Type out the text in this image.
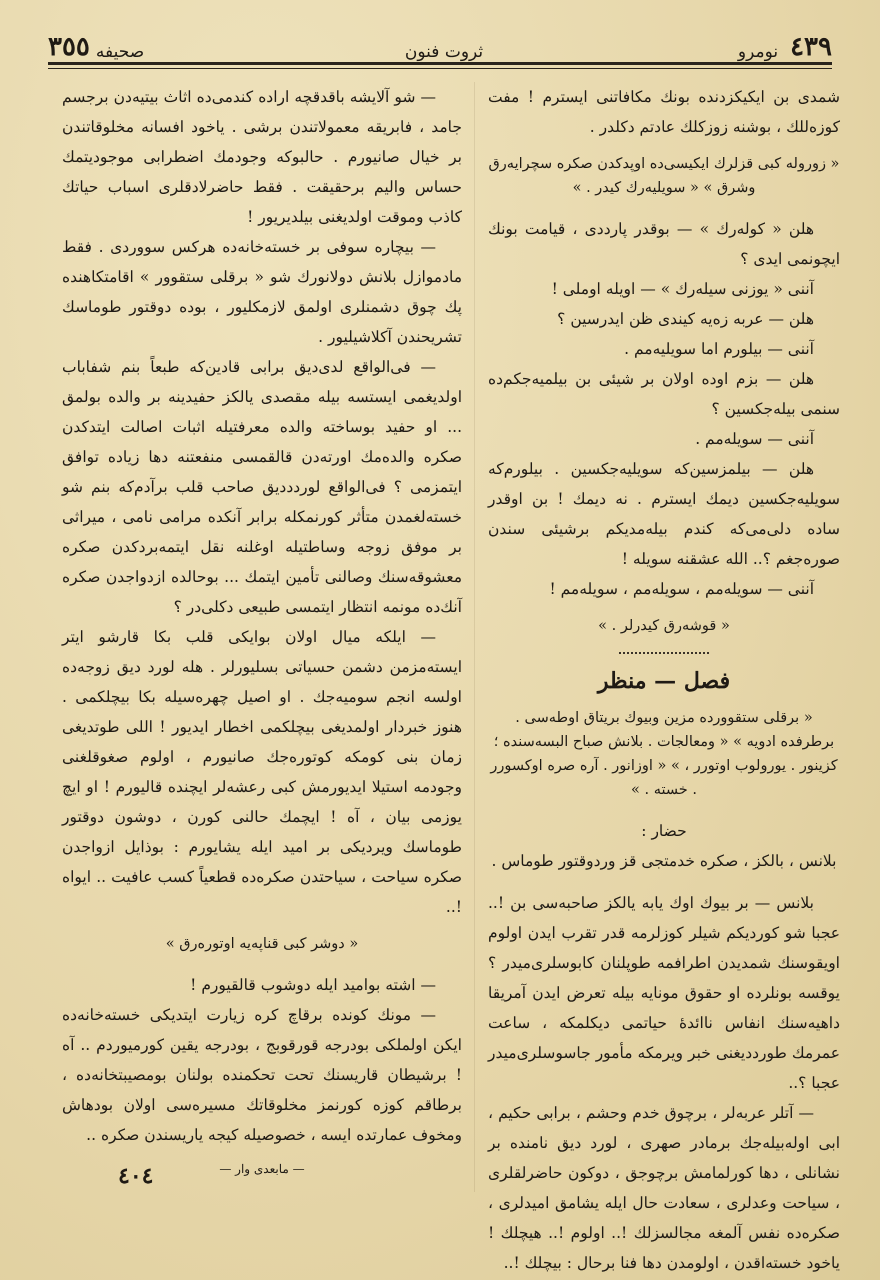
٤٣٩
نومرو
ثروت فنون
صحيفه
٣٥٥

شمدی بن ایکیکزدنده بونك مكافاتنی ایسترم ! مفت كوزه‌للك ، بوشنه زوزكلك عادتم دكلدر .

« زوروله كبی قزلرك ایكیسی‌ده اوپدكدن صكره سچرایه‌رق وشرق » « سویلیه‌رك كیدر . »

هلن « كوله‌رك » — بوقدر پارددی ، قیامت بونك ایچونمی ایدی ؟

آننی « یوزنی سیله‌رك » — اویله اوملی !

هلن — عربه زه‌یه كیندی ظن ایدرسین ؟

آننی — بیلورم اما سویلیه‌مم .

هلن — بزم اوده اولان بر شیئی بن بیلمیه‌جكم‌ده سنمی بیله‌جكسین ؟

آننی — سویله‌مم .

هلن — بیلمزسین‌كه سویلیه‌جكسین . بیلورم‌كه سویلیه‌جكسین دیمك ایسترم . نه دیمك ! بن اوقدر ساده دلی‌می‌كه كندم بیله‌مدیكم برشیئی سندن صوره‌جغم ؟.. الله عشقنه سویله !

آننی — سویله‌مم ، سویله‌مم ، سویله‌مم !

« قوشه‌رق كیدرلر . »

فصل — منظر

« برقلی ستقوورده مزین وبیوك بریتاق اوطه‌سی . برطرفده ادویه » « ومعالجات . بلانش صباح البسه‌سنده ؛ كزینور . یورولوب اوتورر ، » « اوزانور . آره صره اوكسورر . خسته . »

حضار :

بلانس ، بالكز ، صكره خدمتجی قز وردوقتور طوماس .

بلانس — بر بیوك اوك یابه یالكز صاحبه‌سی بن !.. عجبا شو كوردیكم شیلر كوزلرمه قدر تقرب ایدن اولوم اویقوسنك شمدیدن اطرافمه طوپلنان كابوسلری‌میدر ؟ یوقسه بونلرده او حقوق مونایه بیله تعرض ایدن آمریقا داهیه‌سنك انفاس ناائده‌ٔ حیاتمی دیكلمكه ، ساعت عمرمك طورددیغنی خبر ویرمكه مأمور جاسوسلری‌میدر عجبا ؟..

— آتلر عربه‌لر ، برچوق خدم وحشم ، برابی حكیم ، ابی اوله‌بیله‌جك برمادر صهری ، لورد دیق نامنده بر نشانلی ، دها كورلمامش برچوجق ، دوكون حاضرلقلری ، سیاحت وعدلری ، سعادت حال ایله یشامق امیدلری ، صكره‌ده نفس آلمغه مجالسزلك !.. اولوم !.. هیچلك ! یاخود خسته‌اقدن ، اولومدن دها فنا برحال : بیچلك !..

— شو آلایشه باقدقچه اراده كندمی‌ده اثاث بیتیه‌دن برجسم جامد ، فابریقه معمولاتندن برشی . یاخود افسانه مخلوقاتندن بر خیال صانیورم . حالبوكه وجودمك اضطرابی موجودیتمك حساس والیم برحقیقت . فقط حاضرلادقلری اسباب حیاتك كاذب وموقت اولدیغنی بیلدیریور !

— بیچاره سوفی بر خسته‌خانه‌ده هركس سووردی . فقط مادموازل بلانش دولانورك شو « برقلی ستقوور » اقامتكاهنده پك چوق دشمنلری اولمق لازمكلیور ، بوده دوقتور طوماسك تشریحندن آكلاشیلیور .

— فی‌الواقع لدی‌دیق برابی قادین‌كه طبعاً بنم شفاباب اولدیغمی ایستسه بیله مقصدی یالكز حفیدینه بر والده بولمق ... او حفید بوساخته والده معرفتیله اثبات اصالت ایتدكدن صكره والده‌مك اورته‌دن قالقمسی منفعتنه دها زیاده توافق ایتمزمی ؟ فی‌الواقع لوردددیق صاحب قلب برآدم‌كه بنم شو خسته‌لغمدن متأثر كورنمكله برابر آنكده مرامی نامی ، میراثی بر موفق زوجه وساطتیله اوغلنه نقل ایتمه‌بردكدن صكره معشوقه‌سنك وصالنی تأمین ایتمك ... بوحالده ازدواجدن صكره آنك‌ده مونمه انتظار ایتمسی طبیعی دكلی‌در ؟

— ایلكه میال اولان بوایكی قلب بكا قارشو ایتر ایسته‌مزمن دشمن حسیاتی بسلیورلر . هله لورد دیق زوجه‌ده اولسه انجم سومیه‌جك . او اصیل چهره‌سیله بكا بیچلكمی . هنوز خبردار اولمدیغی بیچلكمی اخطار ایدیور ! اللی طوتدیغی زمان بنی كومكه كوتوره‌جك صانیورم ، اولوم صغوقلغنی وجودمه استیلا ایدیورمش كبی رعشه‌لر ایچنده قالیورم ! او ایچ یوزمی بیان ، آه ! ایچمك حالنی كورن ، دوشون دوقتور طوماسك ویردیكی بر امید ایله یشایورم : بوذایل ازواجدن صكره سیاحت ، سیاحتدن صكره‌ده قطعیاً كسب عافیت .. ایواه !..

« دوشر كبی قناپه‌یه اوتوره‌رق »

— اشته بوامید ایله دوشوب قالقیورم !

— مونك كونده برقاچ كره زیارت ایتدیكی خسته‌خانه‌ده ایكن اولملكی بودرجه قورقوبج ، بودرجه یقین كورمیوردم .. آه ! برشیطان قاریسنك تحت تحكمنده بولنان بومصیبتخانه‌ده ، برطاقم كوزه كورنمز مخلوقاتك مسیره‌سی اولان بودهاش ومخوف عمارتده ایسه ، خصوصیله كیجه یاریسندن صكره ..

— مابعدی وار —

٤٠٤
